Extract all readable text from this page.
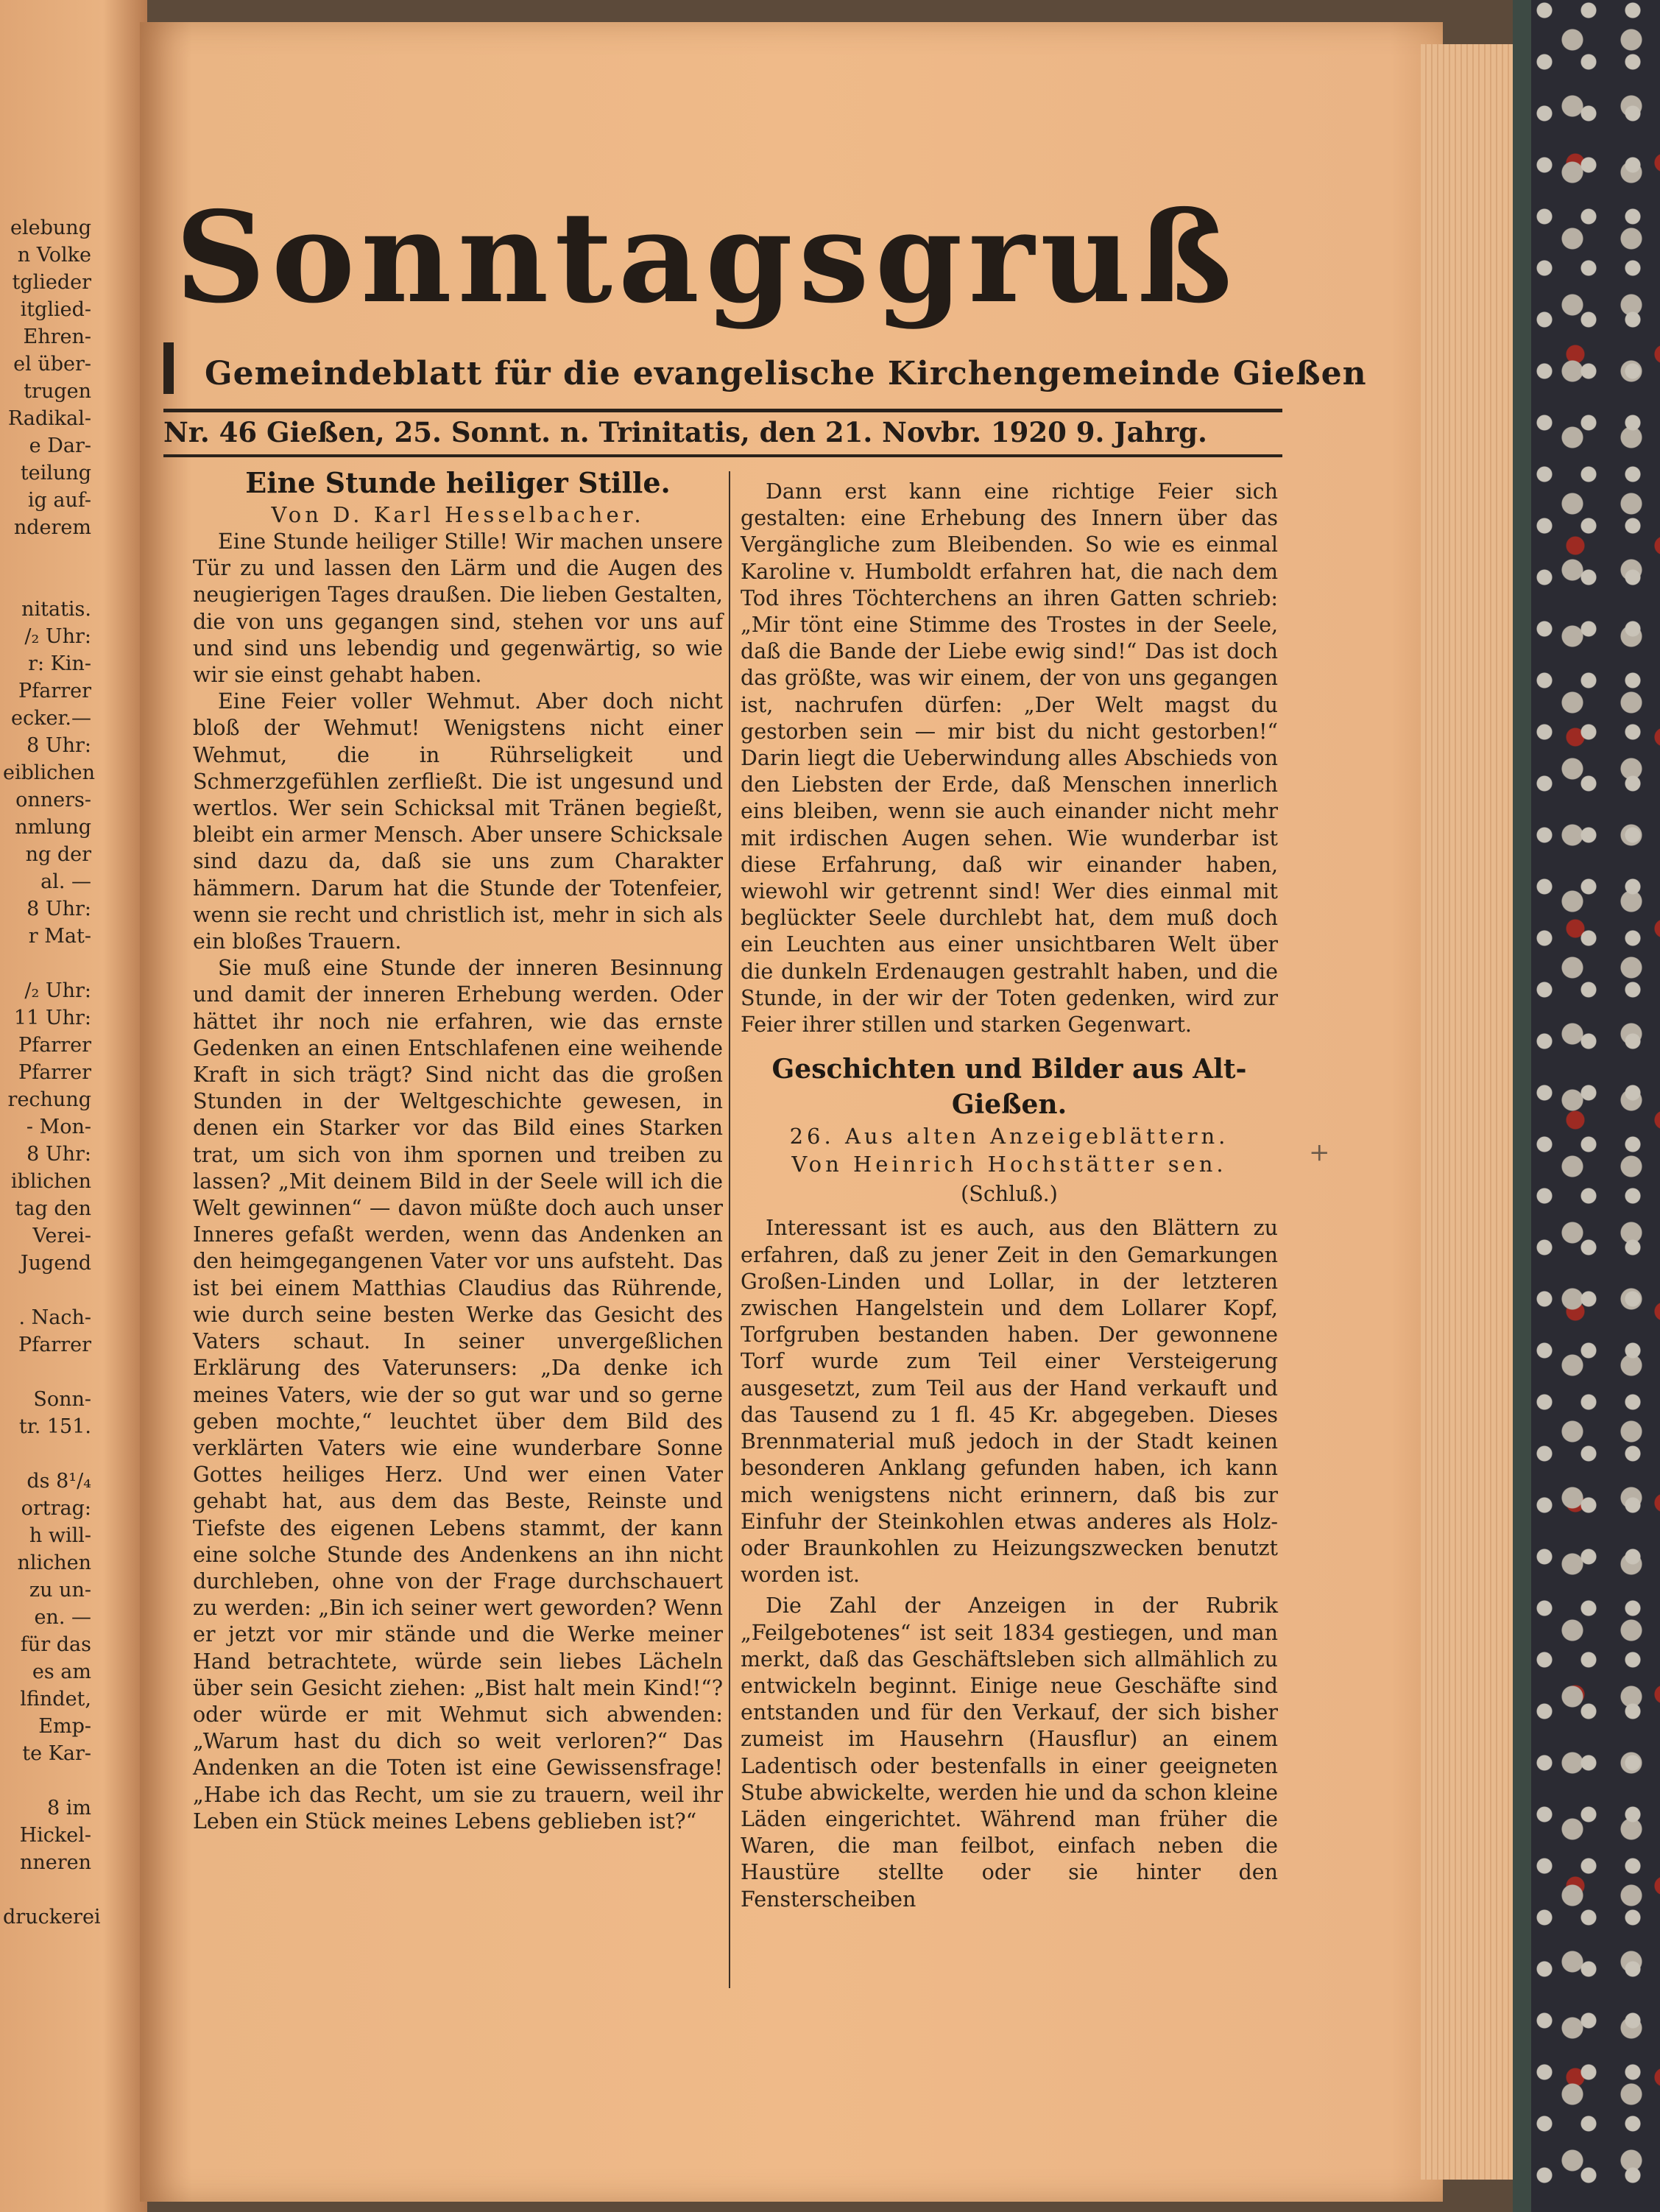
elebung
n Volke
tglieder
itglied-
Ehren-
el über-
trugen
Radikal-
e Dar-
teilung
ig auf-
nderem
nitatis.
/₂ Uhr:
r: Kin-
Pfarrer
ecker.—
8 Uhr:
eiblichen
onners-
nmlung
ng der
al. —
8 Uhr:
r Mat-
/₂ Uhr:
11 Uhr:
Pfarrer
Pfarrer
rechung
- Mon-
8 Uhr:
iblichen
tag den
Verei-
Jugend
. Nach-
Pfarrer
Sonn-
tr. 151.
ds 8¹/₄
ortrag:
h will-
nlichen
zu un-
en. —
für das
es am
lfindet,
Emp-
te Kar-
8 im
Hickel-
nneren
druckerei
Sonntagsgruß
Gemeindeblatt für die evangelische Kirchengemeinde Gießen
Nr. 46 Gießen, 25. Sonnt. n. Trinitatis, den 21. Novbr. 1920 9. Jahrg.
Eine Stunde heiliger Stille.
Von D. Karl Hesselbacher.

Eine Stunde heiliger Stille! Wir machen unsere Tür zu und lassen den Lärm und die Augen des neugierigen Tages draußen. Die lieben Gestalten, die von uns gegangen sind, stehen vor uns auf und sind uns lebendig und gegenwärtig, so wie wir sie einst gehabt haben.

Eine Feier voller Wehmut. Aber doch nicht bloß der Wehmut! Wenigstens nicht einer Wehmut, die in Rührseligkeit und Schmerzgefühlen zerfließt. Die ist ungesund und wertlos. Wer sein Schicksal mit Tränen begießt, bleibt ein armer Mensch. Aber unsere Schicksale sind dazu da, daß sie uns zum Charakter hämmern. Darum hat die Stunde der Totenfeier, wenn sie recht und christlich ist, mehr in sich als ein bloßes Trauern.

Sie muß eine Stunde der inneren Besinnung und damit der inneren Erhebung werden. Oder hättet ihr noch nie erfahren, wie das ernste Gedenken an einen Entschlafenen eine weihende Kraft in sich trägt? Sind nicht das die großen Stunden in der Weltgeschichte gewesen, in denen ein Starker vor das Bild eines Starken trat, um sich von ihm spornen und treiben zu lassen? „Mit deinem Bild in der Seele will ich die Welt gewinnen“ — davon müßte doch auch unser Inneres gefaßt werden, wenn das Andenken an den heimgegangenen Vater vor uns aufsteht. Das ist bei einem Matthias Claudius das Rührende, wie durch seine besten Werke das Gesicht des Vaters schaut. In seiner unvergeßlichen Erklärung des Vaterunsers: „Da denke ich meines Vaters, wie der so gut war und so gerne geben mochte,“ leuchtet über dem Bild des verklärten Vaters wie eine wunderbare Sonne Gottes heiliges Herz. Und wer einen Vater gehabt hat, aus dem das Beste, Reinste und Tiefste des eigenen Lebens stammt, der kann eine solche Stunde des Andenkens an ihn nicht durchleben, ohne von der Frage durchschauert zu werden: „Bin ich seiner wert geworden? Wenn er jetzt vor mir stände und die Werke meiner Hand betrachtete, würde sein liebes Lächeln über sein Gesicht ziehen: „Bist halt mein Kind!“? oder würde er mit Wehmut sich abwenden: „Warum hast du dich so weit verloren?“ Das Andenken an die Toten ist eine Gewissensfrage! „Habe ich das Recht, um sie zu trauern, weil ihr Leben ein Stück meines Lebens geblieben ist?“

Dann erst kann eine richtige Feier sich gestalten: eine Erhebung des Innern über das Vergängliche zum Bleibenden. So wie es einmal Karoline v. Humboldt erfahren hat, die nach dem Tod ihres Töchterchens an ihren Gatten schrieb: „Mir tönt eine Stimme des Trostes in der Seele, daß die Bande der Liebe ewig sind!“ Das ist doch das größte, was wir einem, der von uns gegangen ist, nachrufen dürfen: „Der Welt magst du gestorben sein — mir bist du nicht gestorben!“ Darin liegt die Ueberwindung alles Abschieds von den Liebsten der Erde, daß Menschen innerlich eins bleiben, wenn sie auch einander nicht mehr mit irdischen Augen sehen. Wie wunderbar ist diese Erfahrung, daß wir einander haben, wiewohl wir getrennt sind! Wer dies einmal mit beglückter Seele durchlebt hat, dem muß doch ein Leuchten aus einer unsichtbaren Welt über die dunkeln Erdenaugen gestrahlt haben, und die Stunde, in der wir der Toten gedenken, wird zur Feier ihrer stillen und starken Gegenwart.

Geschichten und Bilder aus Alt-Gießen.
26. Aus alten Anzeigeblättern.
Von Heinrich Hochstätter sen.
(Schluß.)

Interessant ist es auch, aus den Blättern zu erfahren, daß zu jener Zeit in den Gemarkungen Großen-Linden und Lollar, in der letzteren zwischen Hangelstein und dem Lollarer Kopf, Torfgruben bestanden haben. Der gewonnene Torf wurde zum Teil einer Versteigerung ausgesetzt, zum Teil aus der Hand verkauft und das Tausend zu 1 fl. 45 Kr. abgegeben. Dieses Brennmaterial muß jedoch in der Stadt keinen besonderen Anklang gefunden haben, ich kann mich wenigstens nicht erinnern, daß bis zur Einfuhr der Steinkohlen etwas anderes als Holz- oder Braunkohlen zu Heizungszwecken benutzt worden ist.

Die Zahl der Anzeigen in der Rubrik „Feilgebotenes“ ist seit 1834 gestiegen, und man merkt, daß das Geschäftsleben sich allmählich zu entwickeln beginnt. Einige neue Geschäfte sind entstanden und für den Verkauf, der sich bisher zumeist im Hausehrn (Hausflur) an einem Ladentisch oder bestenfalls in einer geeigneten Stube abwickelte, werden hie und da schon kleine Läden eingerichtet. Während man früher die Waren, die man feilbot, einfach neben die Haustüre stellte oder sie hinter den Fensterscheiben

+
